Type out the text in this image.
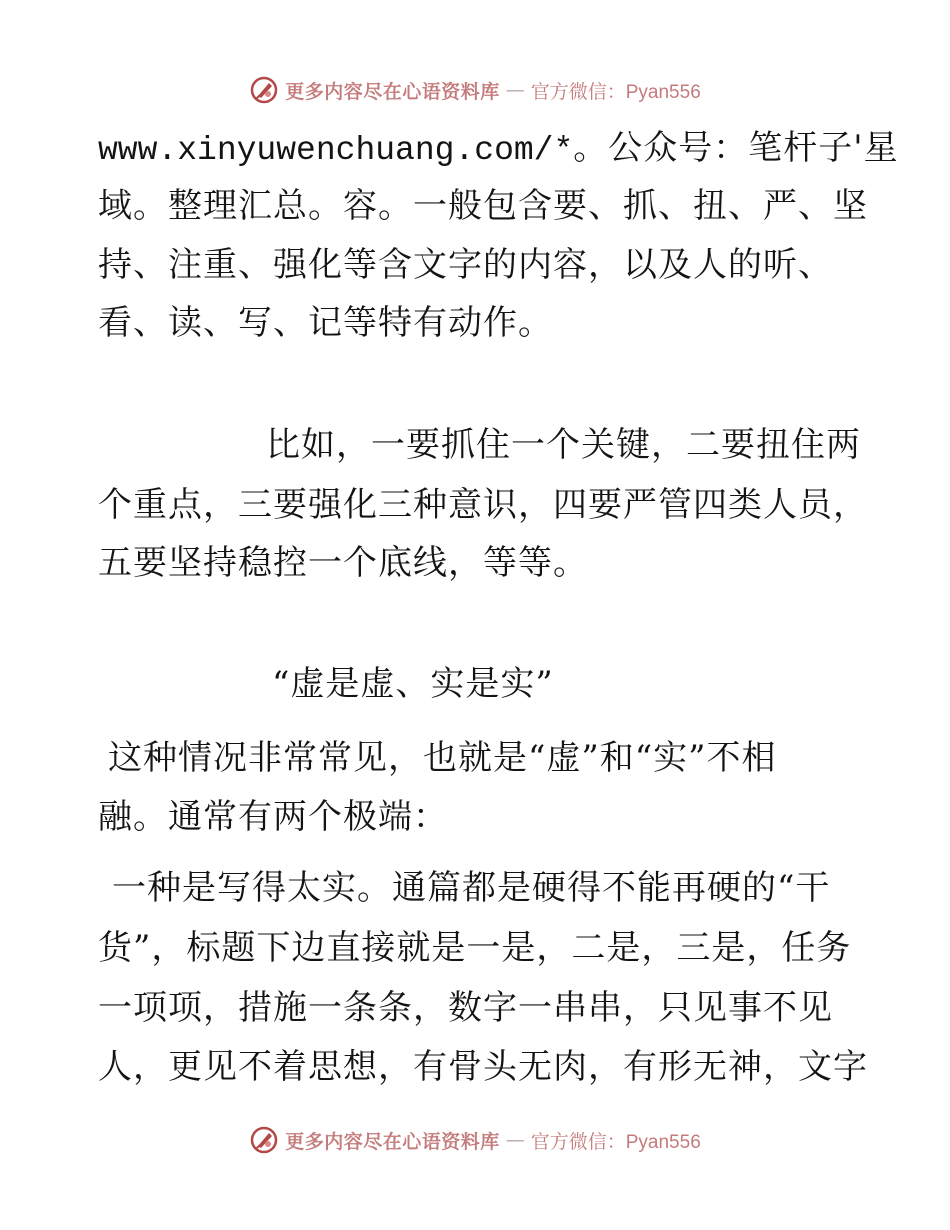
更多内容尽在心语资料库 — 官方微信：Pyan556
www.xinyuwenchuang.com/*。公众号：笔杆子'星
域。整理汇总。容。一般包含要、抓、扭、严、坚
持、注重、强化等含文字的内容，以及人的听、
看、读、写、记等特有动作。
比如，一要抓住一个关键，二要扭住两
个重点，三要强化三种意识，四要严管四类人员，
五要坚持稳控一个底线，等等。
“虚是虚、实是实”
这种情况非常常见，也就是“虚”和“实”不相
融。通常有两个极端：
一种是写得太实。通篇都是硬得不能再硬的“干
货”，标题下边直接就是一是，二是，三是，任务
一项项，措施一条条，数字一串串，只见事不见
人，更见不着思想，有骨头无肉，有形无神，文字
更多内容尽在心语资料库 — 官方微信：Pyan556
